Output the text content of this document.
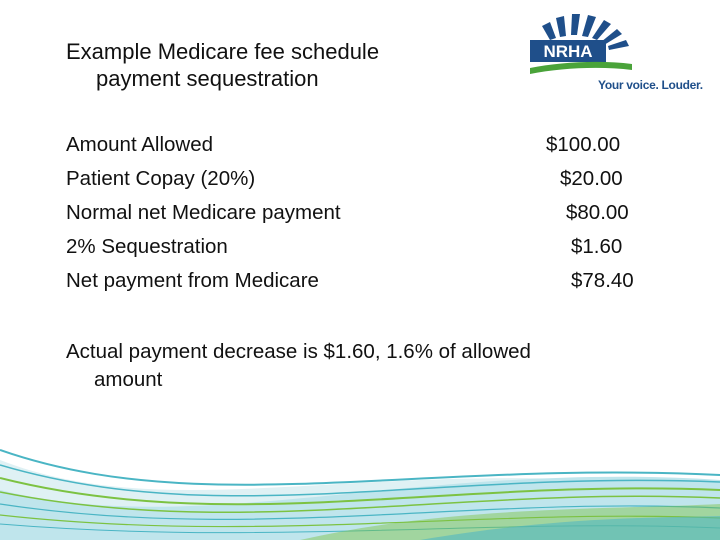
Example Medicare fee schedule
payment sequestration
NRHA
Your voice. Louder.
Amount Allowed	$100.00
Patient Copay (20%)	$20.00
Normal net Medicare payment	$80.00
2% Sequestration	$1.60
Net payment from Medicare	$78.40
Actual payment decrease is $1.60, 1.6% of allowed
amount
